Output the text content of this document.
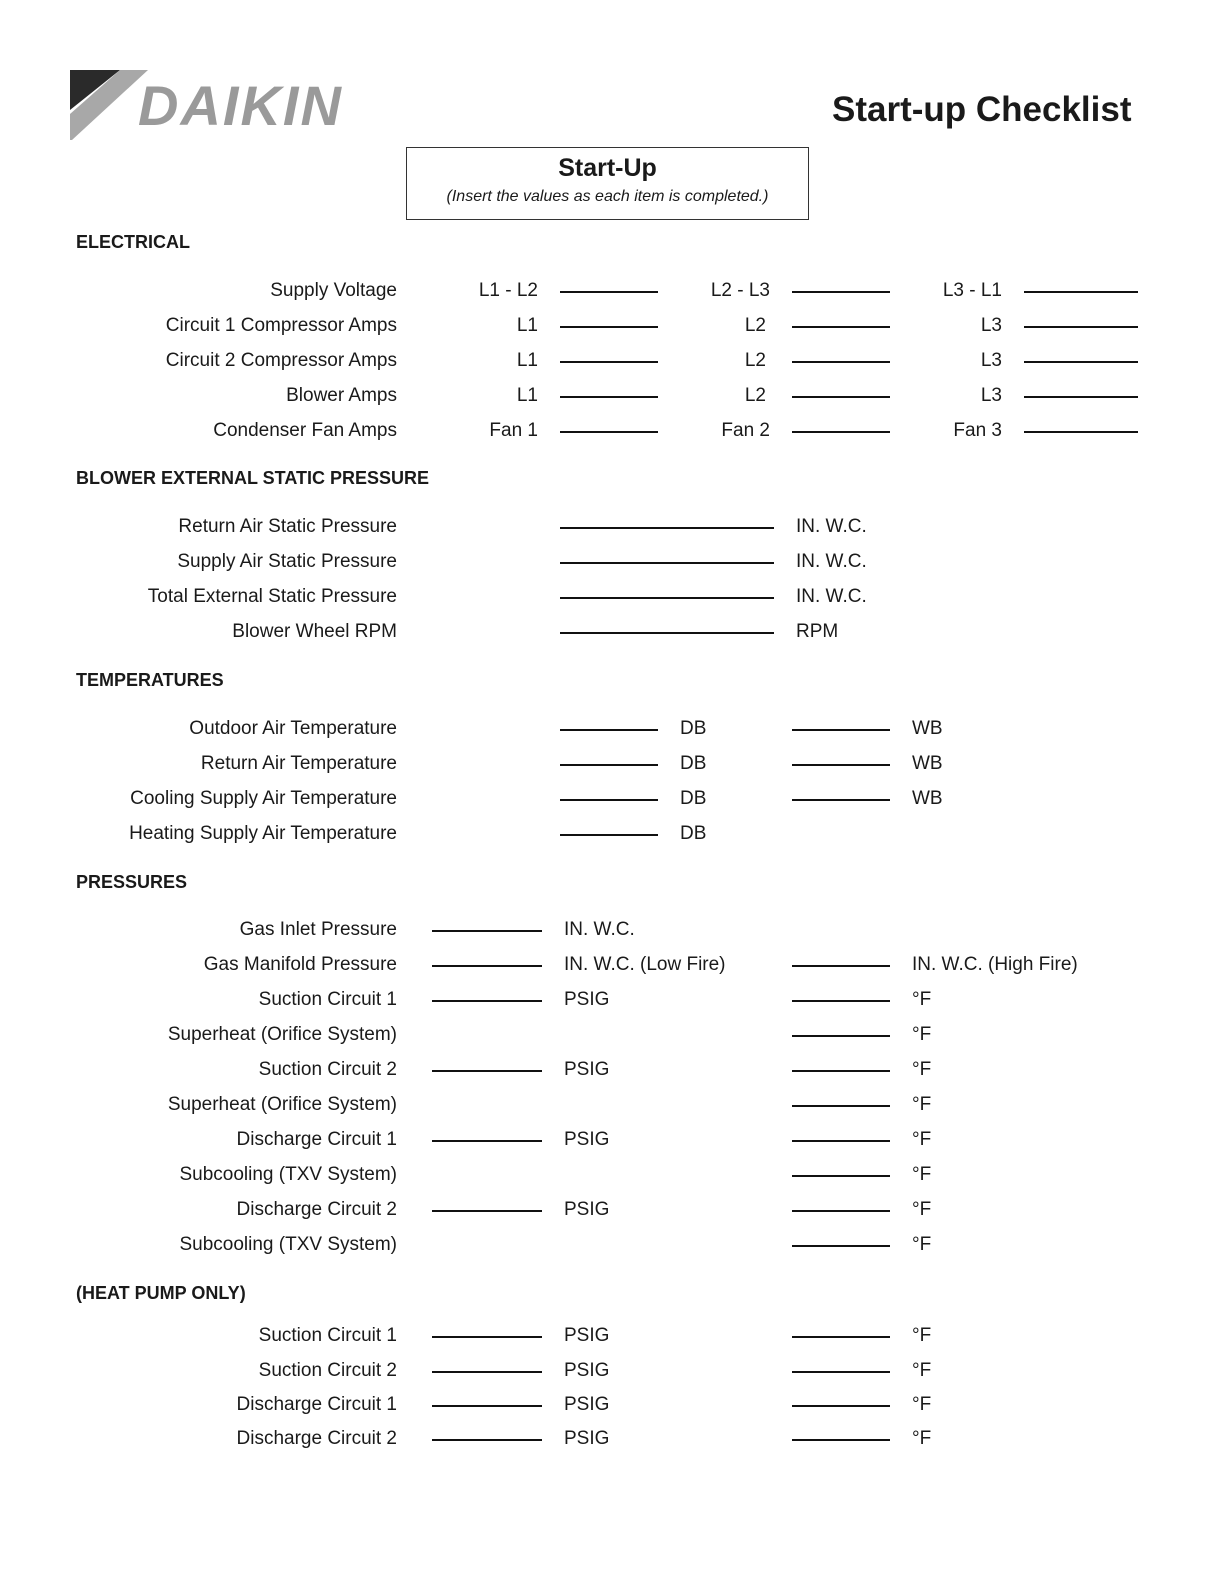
DAIKIN	Start-up Checklist
Start-Up
(Insert the values as each item is completed.)
ELECTRICAL
Supply Voltage	L1 - L2	L2 - L3	L3 - L1
Circuit 1 Compressor Amps	L1	L2	L3
Circuit 2 Compressor Amps	L1	L2	L3
Blower Amps	L1	L2	L3
Condenser Fan Amps	Fan 1	Fan 2	Fan 3
BLOWER EXTERNAL STATIC PRESSURE
Return Air Static Pressure	IN. W.C.
Supply Air Static Pressure	IN. W.C.
Total External Static Pressure	IN. W.C.
Blower Wheel RPM	RPM
TEMPERATURES
Outdoor Air Temperature	DB	WB
Return Air Temperature	DB	WB
Cooling Supply Air Temperature	DB	WB
Heating Supply Air Temperature	DB
PRESSURES
Gas Inlet Pressure	IN. W.C.
Gas Manifold Pressure	IN. W.C. (Low Fire)	IN. W.C. (High Fire)
Suction Circuit 1	PSIG	°F
Superheat (Orifice System)	°F
Suction Circuit 2	PSIG	°F
Superheat (Orifice System)	°F
Discharge Circuit 1	PSIG	°F
Subcooling (TXV System)	°F
Discharge Circuit 2	PSIG	°F
Subcooling (TXV System)	°F
(HEAT PUMP ONLY)
Suction Circuit 1	PSIG	°F
Suction Circuit 2	PSIG	°F
Discharge Circuit 1	PSIG	°F
Discharge Circuit 2	PSIG	°F
